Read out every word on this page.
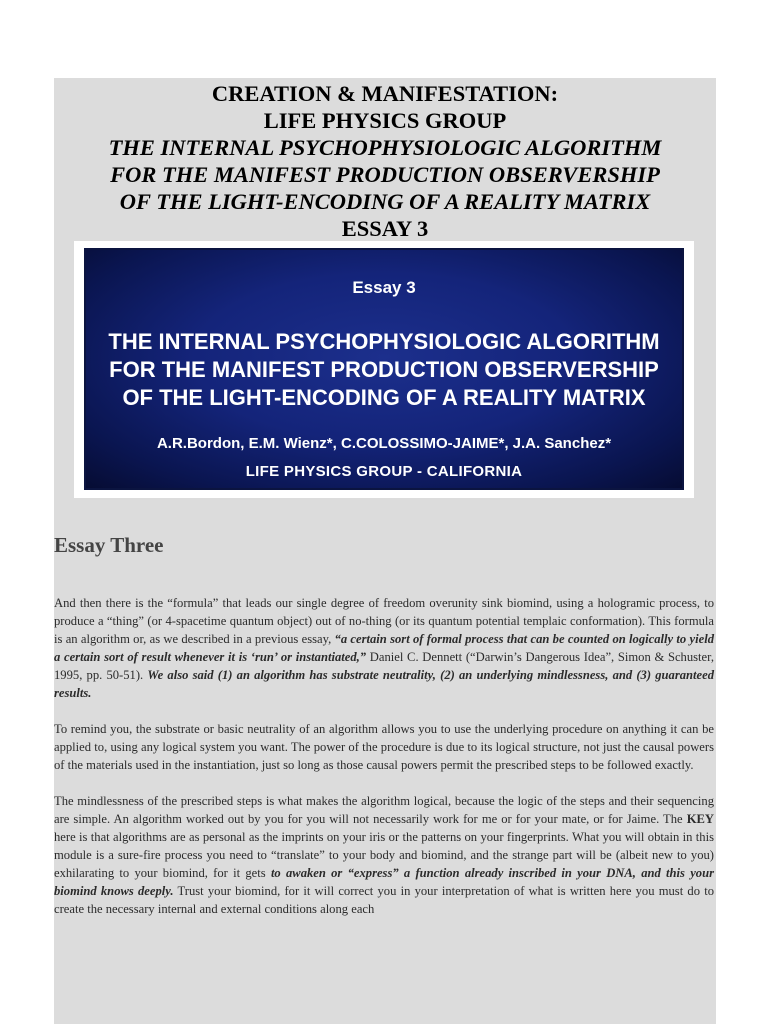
CREATION & MANIFESTATION:
LIFE PHYSICS GROUP
THE INTERNAL PSYCHOPHYSIOLOGIC ALGORITHM
FOR THE MANIFEST PRODUCTION OBSERVERSHIP
OF THE LIGHT-ENCODING OF A REALITY MATRIX
ESSAY 3
Essay 3
THE INTERNAL PSYCHOPHYSIOLOGIC ALGORITHM
FOR THE MANIFEST PRODUCTION OBSERVERSHIP
OF THE LIGHT-ENCODING OF A REALITY MATRIX
A.R.Bordon, E.M. Wienz*, C.COLOSSIMO-JAIME*, J.A. Sanchez*
LIFE PHYSICS GROUP - CALIFORNIA
Essay Three

And then there is the “formula” that leads our single degree of freedom overunity sink biomind, using a hologramic process, to produce a “thing” (or 4-spacetime quantum object) out of no-thing (or its quantum potential templaic conformation). This formula is an algorithm or, as we described in a previous essay, “a certain sort of formal process that can be counted on logically to yield a certain sort of result whenever it is ‘run’ or instantiated,” Daniel C. Dennett (“Darwin’s Dangerous Idea”, Simon & Schuster, 1995, pp. 50-51). We also said (1) an algorithm has substrate neutrality, (2) an underlying mindlessness, and (3) guaranteed results.

To remind you, the substrate or basic neutrality of an algorithm allows you to use the underlying procedure on anything it can be applied to, using any logical system you want. The power of the procedure is due to its logical structure, not just the causal powers of the materials used in the instantiation, just so long as those causal powers permit the prescribed steps to be followed exactly.

The mindlessness of the prescribed steps is what makes the algorithm logical, because the logic of the steps and their sequencing are simple. An algorithm worked out by you for you will not necessarily work for me or for your mate, or for Jaime. The KEY here is that algorithms are as personal as the imprints on your iris or the patterns on your fingerprints. What you will obtain in this module is a sure-fire process you need to “translate” to your body and biomind, and the strange part will be (albeit new to you) exhilarating to your biomind, for it gets to awaken or “express” a function already inscribed in your DNA, and this your biomind knows deeply. Trust your biomind, for it will correct you in your interpretation of what is written here you must do to create the necessary internal and external conditions along each
